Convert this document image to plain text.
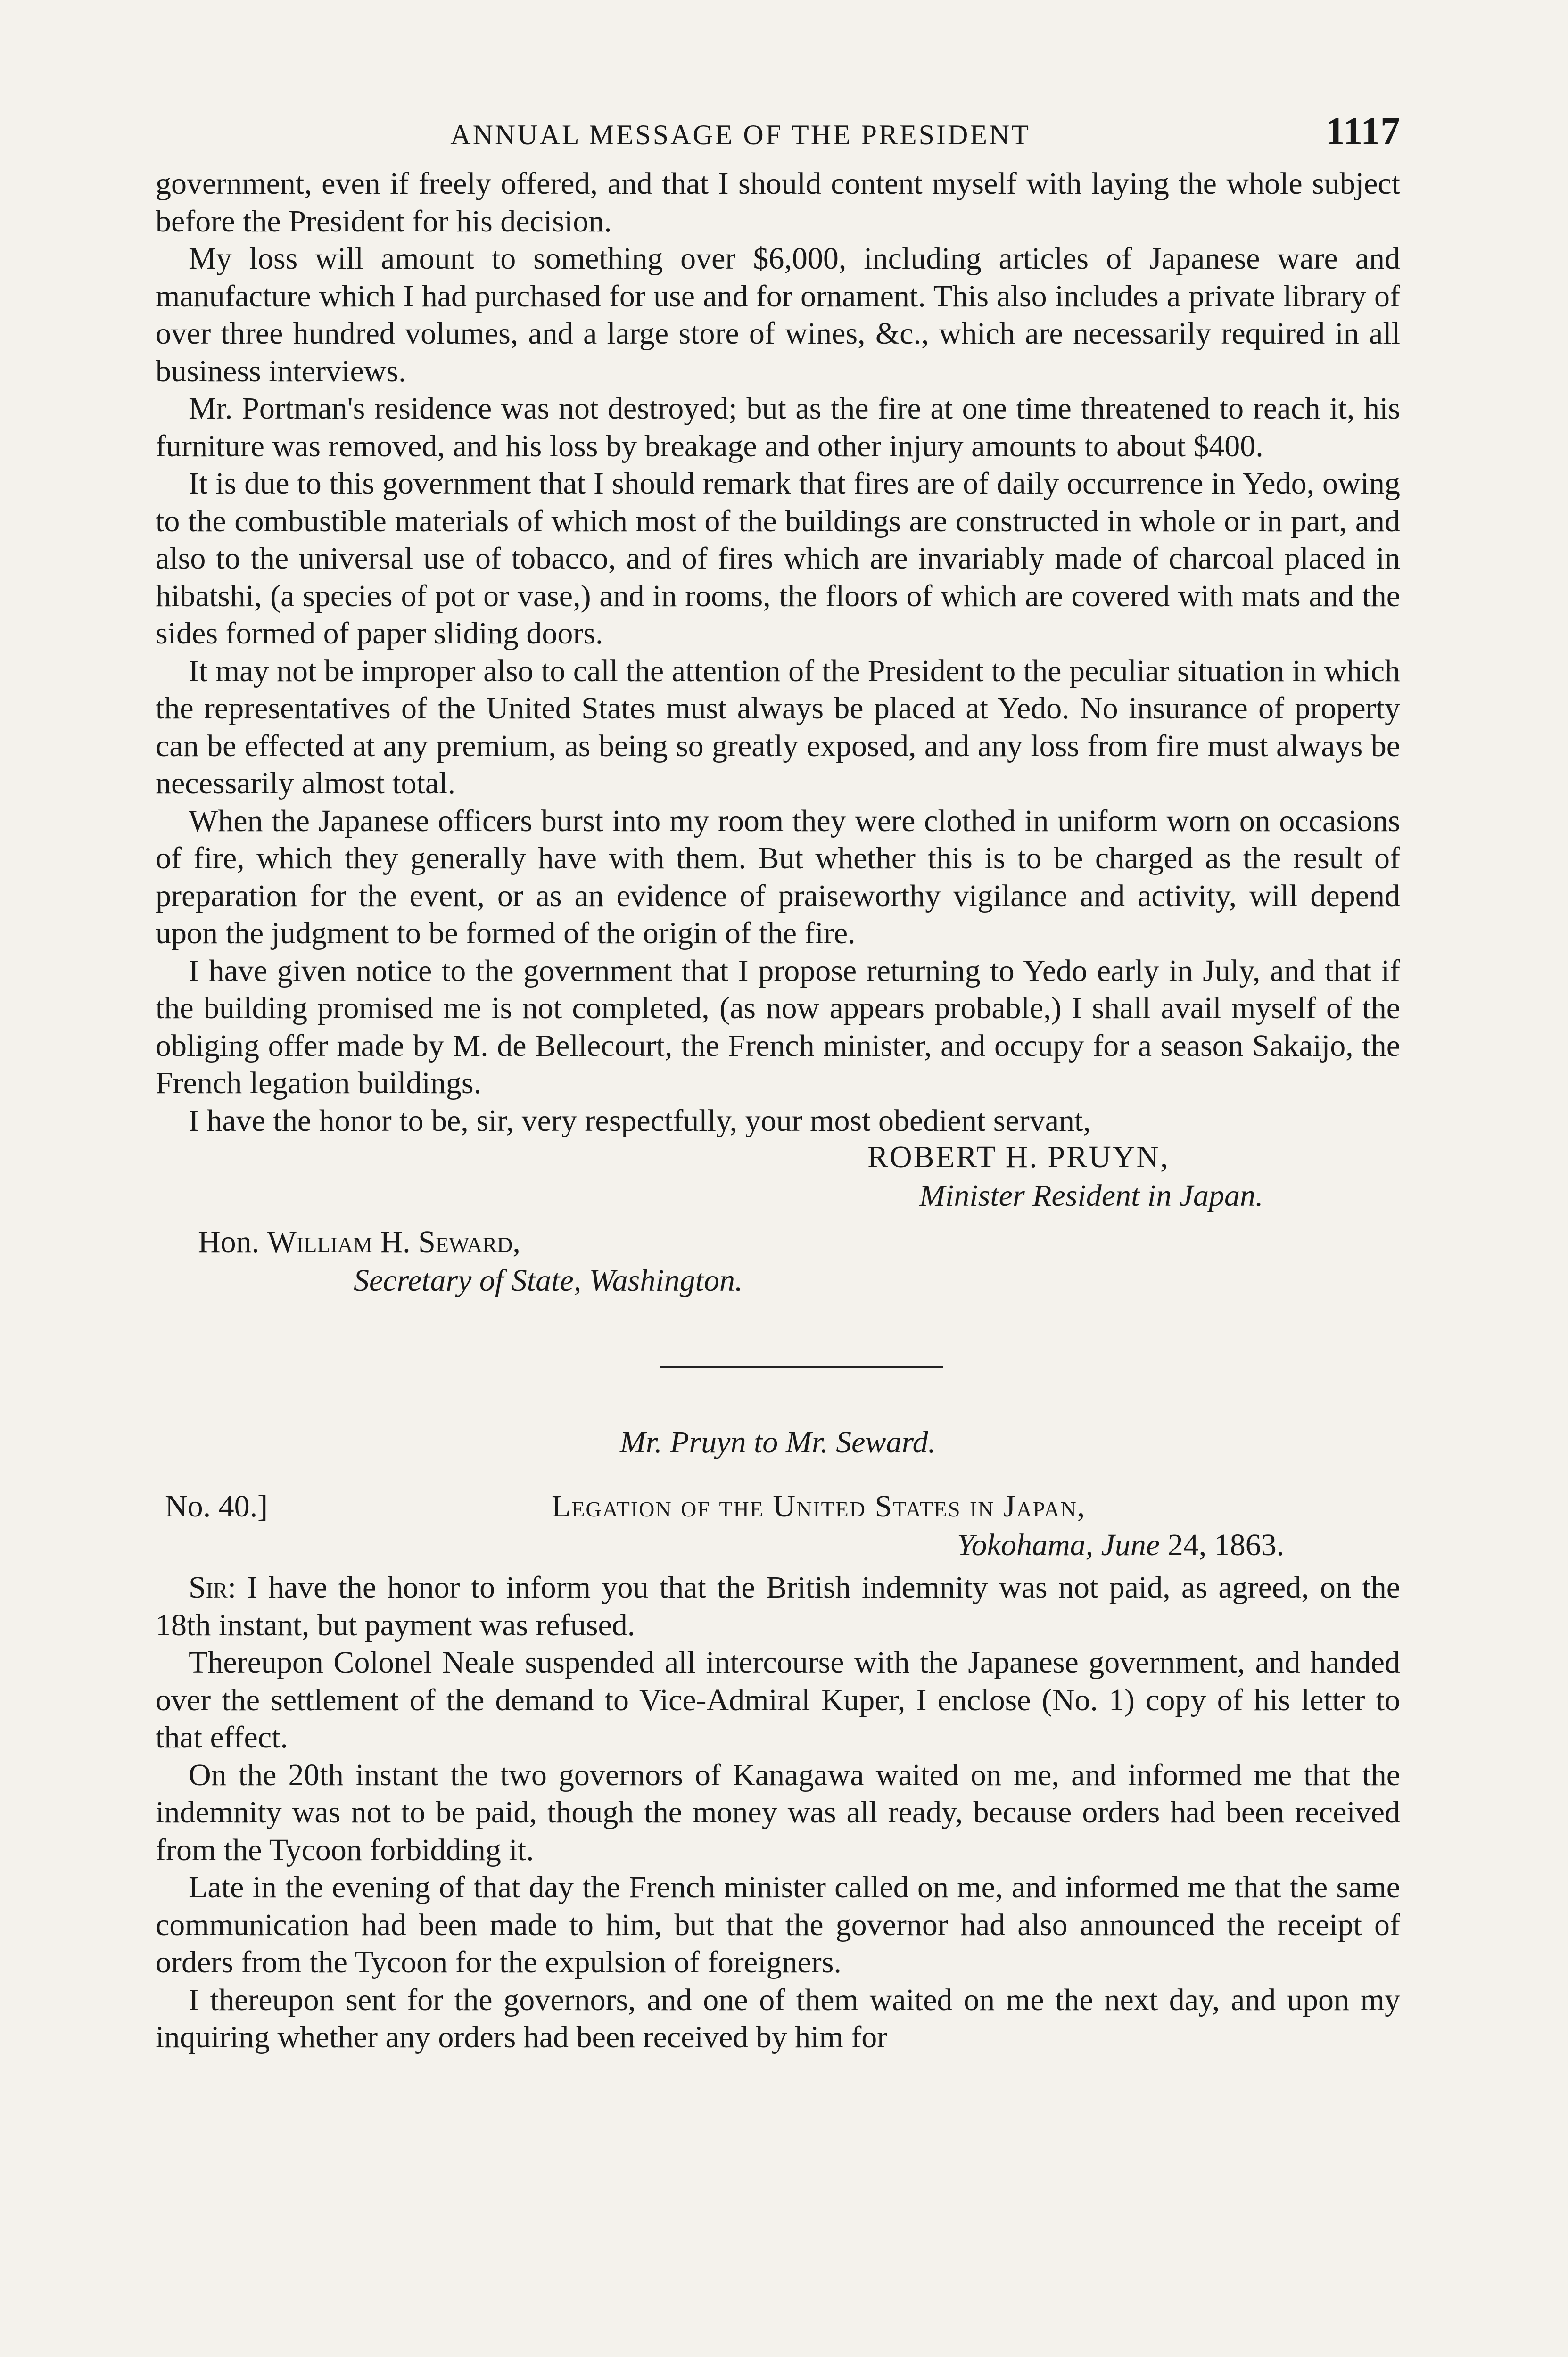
ANNUAL MESSAGE OF THE PRESIDENT	1117

government, even if freely offered, and that I should content myself with laying the whole subject before the President for his decision.

My loss will amount to something over $6,000, including articles of Japanese ware and manufacture which I had purchased for use and for ornament. This also includes a private library of over three hundred volumes, and a large store of wines, &c., which are necessarily required in all business interviews.

Mr. Portman's residence was not destroyed; but as the fire at one time threatened to reach it, his furniture was removed, and his loss by breakage and other injury amounts to about $400.

It is due to this government that I should remark that fires are of daily occurrence in Yedo, owing to the combustible materials of which most of the buildings are constructed in whole or in part, and also to the universal use of tobacco, and of fires which are invariably made of charcoal placed in hibatshi, (a species of pot or vase,) and in rooms, the floors of which are covered with mats and the sides formed of paper sliding doors.

It may not be improper also to call the attention of the President to the peculiar situation in which the representatives of the United States must always be placed at Yedo. No insurance of property can be effected at any premium, as being so greatly exposed, and any loss from fire must always be necessarily almost total.

When the Japanese officers burst into my room they were clothed in uniform worn on occasions of fire, which they generally have with them. But whether this is to be charged as the result of preparation for the event, or as an evidence of praiseworthy vigilance and activity, will depend upon the judgment to be formed of the origin of the fire.

I have given notice to the government that I propose returning to Yedo early in July, and that if the building promised me is not completed, (as now appears probable,) I shall avail myself of the obliging offer made by M. de Bellecourt, the French minister, and occupy for a season Sakaijo, the French legation buildings.

I have the honor to be, sir, very respectfully, your most obedient servant,

ROBERT H. PRUYN,
Minister Resident in Japan.
Hon. William H. Seward,
Secretary of State, Washington.
Mr. Pruyn to Mr. Seward.
No. 40.]	Legation of the United States in Japan,
Yokohama, June 24, 1863.

Sir: I have the honor to inform you that the British indemnity was not paid, as agreed, on the 18th instant, but payment was refused.

Thereupon Colonel Neale suspended all intercourse with the Japanese government, and handed over the settlement of the demand to Vice-Admiral Kuper, I enclose (No. 1) copy of his letter to that effect.

On the 20th instant the two governors of Kanagawa waited on me, and informed me that the indemnity was not to be paid, though the money was all ready, because orders had been received from the Tycoon forbidding it.

Late in the evening of that day the French minister called on me, and informed me that the same communication had been made to him, but that the governor had also announced the receipt of orders from the Tycoon for the expulsion of foreigners.

I thereupon sent for the governors, and one of them waited on me the next day, and upon my inquiring whether any orders had been received by him for
